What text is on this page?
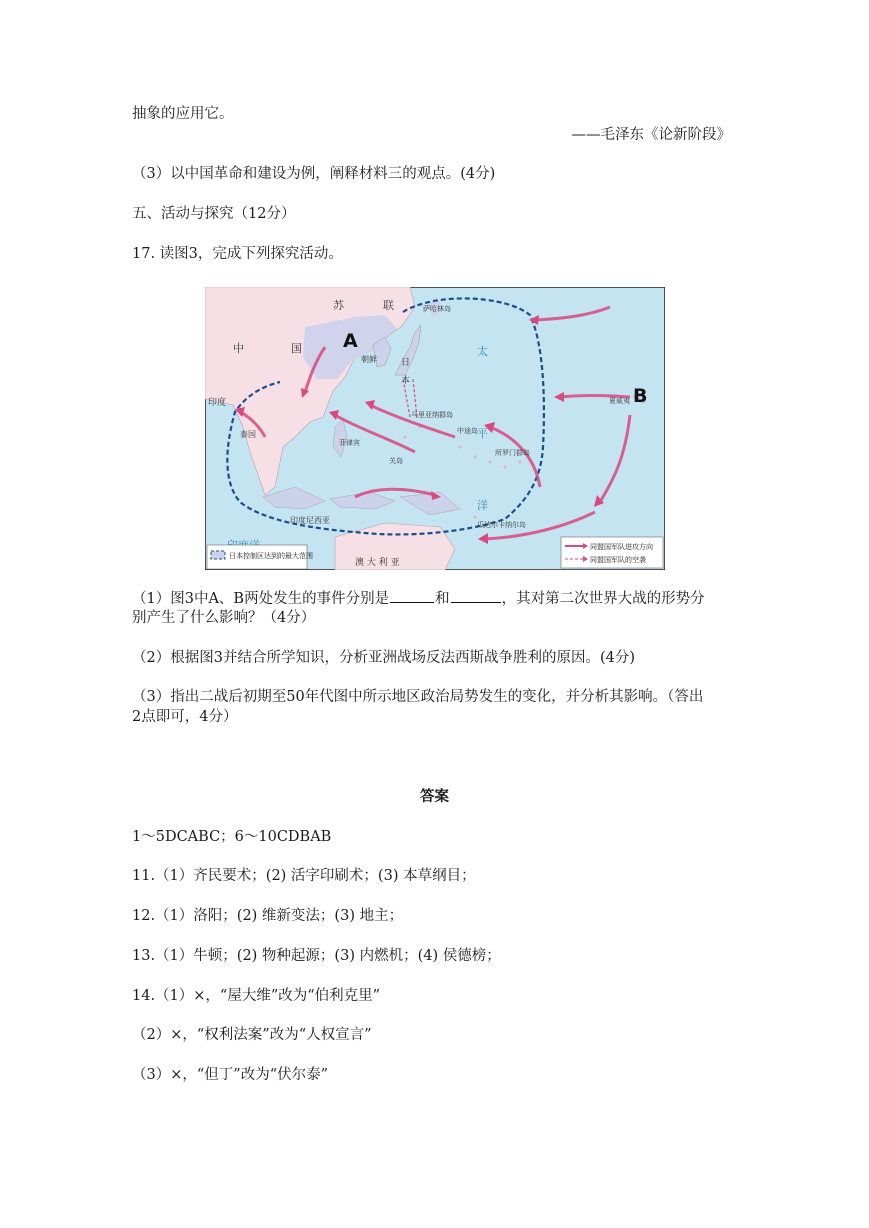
抽象的应用它。
——毛泽东《论新阶段》
（3）以中国革命和建设为例，阐释材料三的观点。(4分)
五、活动与探究（12分）
17. 读图3，完成下列探究活动。
A
B
苏	联
中	国
印度
泰国
太
平
洋
印度尼西亚
澳 大 利 亚
日
本
朝鲜
菲律宾
夏威夷
中途岛
萨哈林岛
关岛
马里亚纳群岛
所罗门群岛
瓜达尔卡纳尔岛
日本控制区达到的最大范围
同盟国军队进攻方向
同盟国军队的空袭
（1）图3中A、B两处发生的事件分别是	和	，其对第二次世界大战的形势分
别产生了什么影响？（4分）
（2）根据图3并结合所学知识，分析亚洲战场反法西斯战争胜利的原因。(4分)
（3）指出二战后初期至50年代图中所示地区政治局势发生的变化，并分析其影响。（答出
2点即可，4分）
答案
1～5DCABC；6～10CDBAB
11.（1）齐民要术；(2) 活字印刷术；(3) 本草纲目；
12.（1）洛阳；(2) 维新变法；(3) 地主；
13.（1）牛顿；(2) 物种起源；(3) 内燃机；(4) 侯德榜；
14.（1）×，“屋大维”改为“伯利克里”
（2）×，“权利法案”改为“人权宣言”
（3）×，“但丁”改为“伏尔泰”
